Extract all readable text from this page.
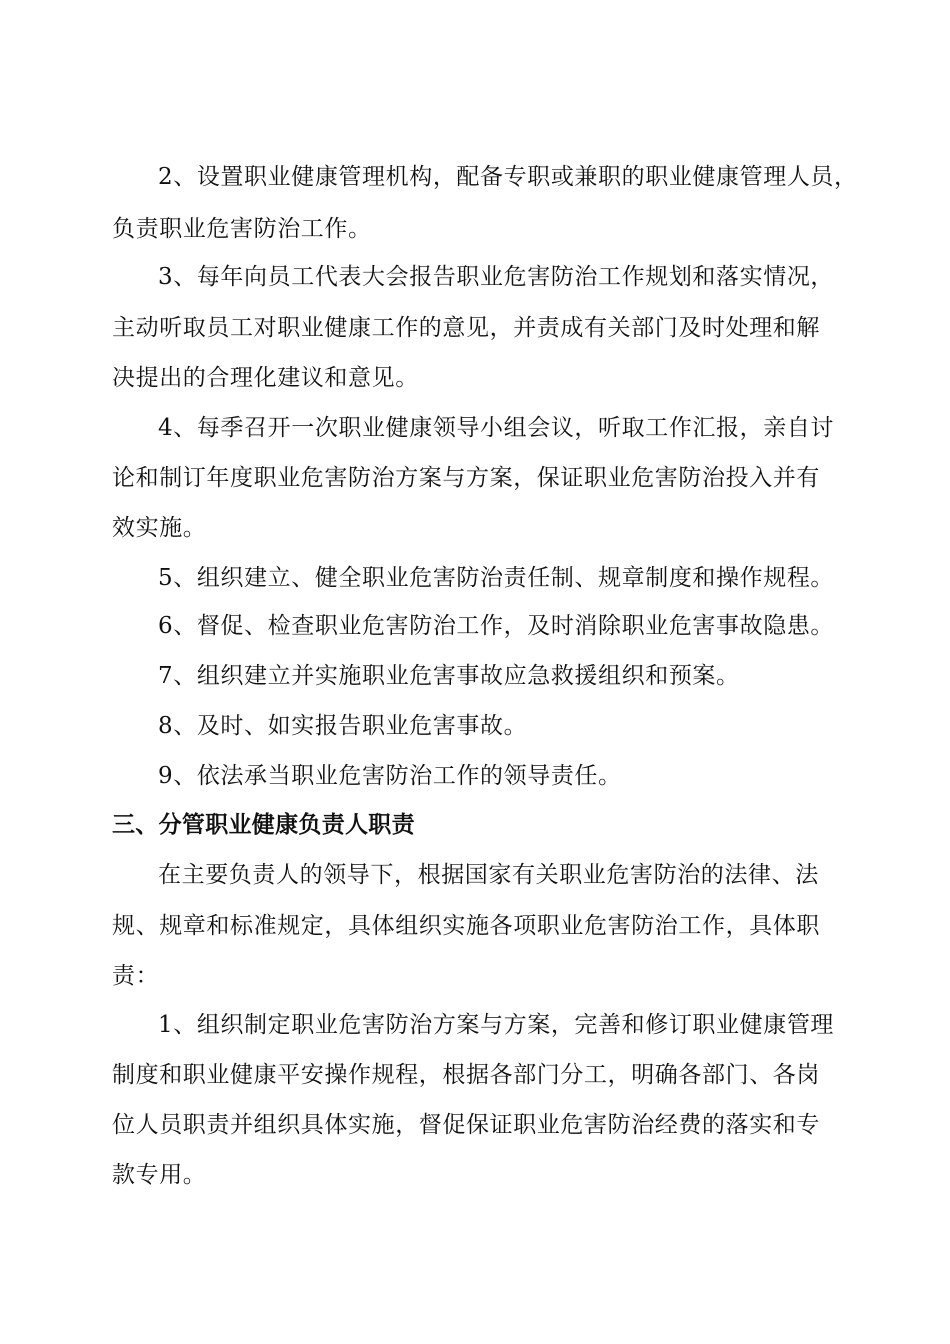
2、设置职业健康管理机构，配备专职或兼职的职业健康管理人员，
负责职业危害防治工作。
3、每年向员工代表大会报告职业危害防治工作规划和落实情况，
主动听取员工对职业健康工作的意见，并责成有关部门及时处理和解
决提出的合理化建议和意见。
4、每季召开一次职业健康领导小组会议，听取工作汇报，亲自讨
论和制订年度职业危害防治方案与方案，保证职业危害防治投入并有
效实施。
5、组织建立、健全职业危害防治责任制、规章制度和操作规程。
6、督促、检查职业危害防治工作，及时消除职业危害事故隐患。
7、组织建立并实施职业危害事故应急救援组织和预案。
8、及时、如实报告职业危害事故。
9、依法承当职业危害防治工作的领导责任。
三、分管职业健康负责人职责
在主要负责人的领导下，根据国家有关职业危害防治的法律、法
规、规章和标准规定，具体组织实施各项职业危害防治工作，具体职
责：
1、组织制定职业危害防治方案与方案，完善和修订职业健康管理
制度和职业健康平安操作规程，根据各部门分工，明确各部门、各岗
位人员职责并组织具体实施，督促保证职业危害防治经费的落实和专
款专用。
